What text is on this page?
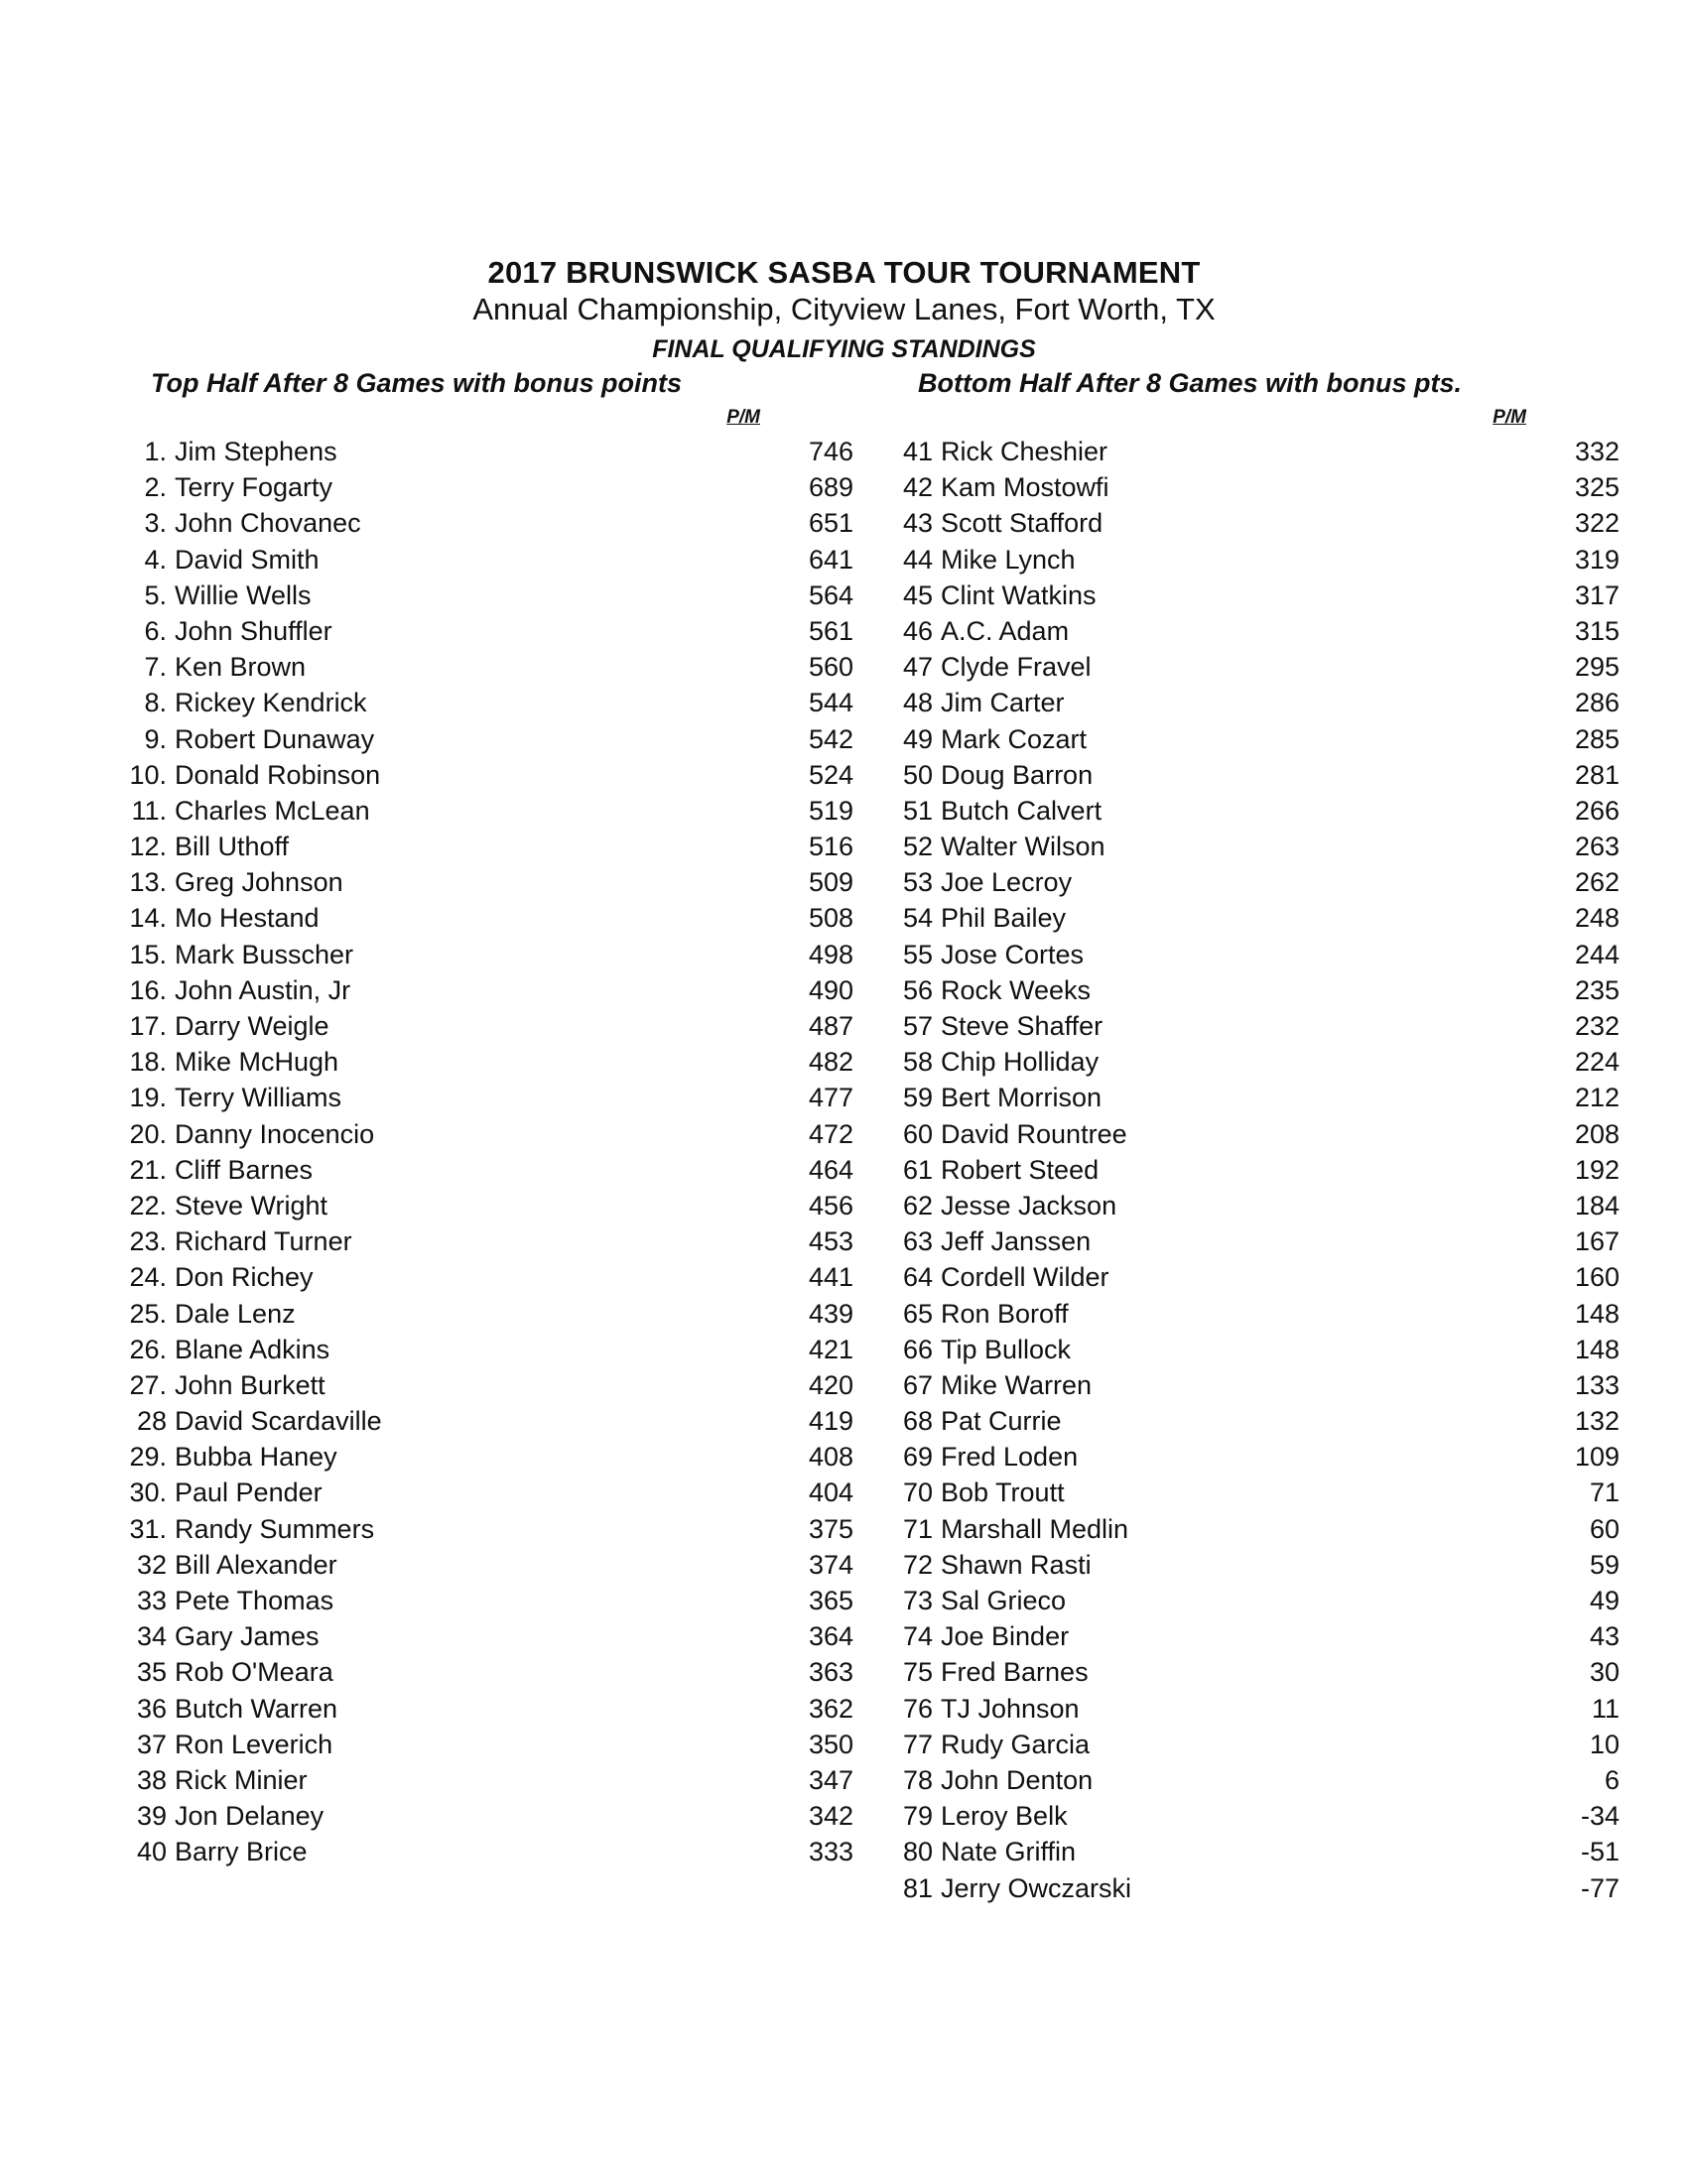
2017 BRUNSWICK SASBA TOUR TOURNAMENT
Annual Championship, Cityview Lanes, Fort Worth, TX
FINAL QUALIFYING STANDINGS
Top Half After 8 Games with bonus points	Bottom Half After 8 Games with bonus pts.
P/M	P/M
1. Jim Stephens	746
2. Terry Fogarty	689
3. John Chovanec	651
4. David Smith	641
5. Willie Wells	564
6. John Shuffler	561
7. Ken Brown	560
8. Rickey Kendrick	544
9. Robert Dunaway	542
10. Donald Robinson	524
11. Charles McLean	519
12. Bill Uthoff	516
13. Greg Johnson	509
14. Mo Hestand	508
15. Mark Busscher	498
16. John Austin, Jr	490
17. Darry Weigle	487
18. Mike McHugh	482
19. Terry Williams	477
20. Danny Inocencio	472
21. Cliff Barnes	464
22. Steve Wright	456
23. Richard Turner	453
24. Don Richey	441
25. Dale Lenz	439
26. Blane Adkins	421
27. John Burkett	420
28 David Scardaville	419
29. Bubba Haney	408
30. Paul Pender	404
31. Randy Summers	375
32 Bill Alexander	374
33 Pete Thomas	365
34 Gary James	364
35 Rob O'Meara	363
36 Butch Warren	362
37 Ron Leverich	350
38 Rick Minier	347
39 Jon Delaney	342
40 Barry Brice	333
41 Rick Cheshier	332
42 Kam Mostowfi	325
43 Scott Stafford	322
44 Mike Lynch	319
45 Clint Watkins	317
46 A.C. Adam	315
47 Clyde Fravel	295
48 Jim Carter	286
49 Mark Cozart	285
50 Doug Barron	281
51 Butch Calvert	266
52 Walter Wilson	263
53 Joe Lecroy	262
54 Phil Bailey	248
55 Jose Cortes	244
56 Rock Weeks	235
57 Steve Shaffer	232
58 Chip Holliday	224
59 Bert Morrison	212
60 David Rountree	208
61 Robert Steed	192
62 Jesse Jackson	184
63 Jeff Janssen	167
64 Cordell Wilder	160
65 Ron Boroff	148
66 Tip Bullock	148
67 Mike Warren	133
68 Pat Currie	132
69 Fred Loden	109
70 Bob Troutt	71
71 Marshall Medlin	60
72 Shawn Rasti	59
73 Sal Grieco	49
74 Joe Binder	43
75 Fred Barnes	30
76 TJ Johnson	11
77 Rudy Garcia	10
78 John Denton	6
79 Leroy Belk	-34
80 Nate Griffin	-51
81 Jerry Owczarski	-77
